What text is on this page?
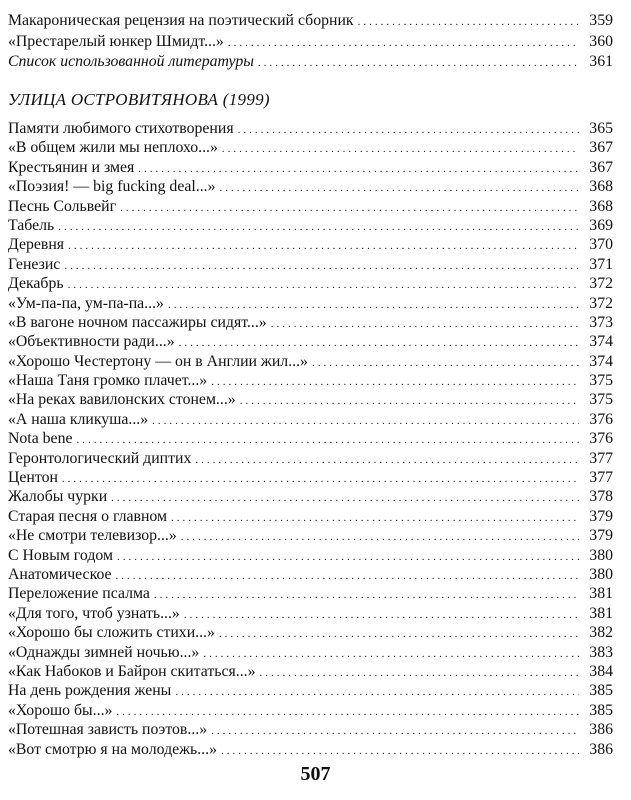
Макароническая рецензия на поэтический сборник .....	359
«Престарелый юнкер Шмидт...» .....	360
Список использованной литературы .....	361
УЛИЦА ОСТРОВИТЯНОВА (1999)
Памяти любимого стихотворения .....	365
«В общем жили мы неплохо...» .....	367
Крестьянин и змея .....	367
«Поэзия! — big fucking deal...» .....	368
Песнь Сольвейг .....	368
Табель .....	369
Деревня .....	370
Генезис .....	371
Декабрь .....	372
«Ум-па-па, ум-па-па...» .....	372
«В вагоне ночном пассажиры сидят...» .....	373
«Объективности ради...» .....	374
«Хорошо Честертону — он в Англии жил...» .....	374
«Наша Таня громко плачет...» .....	375
«На реках вавилонских стонем...» .....	375
«А наша кликуша...» .....	376
Nota bene .....	376
Геронтологический диптих .....	377
Центон .....	377
Жалобы чурки .....	378
Старая песня о главном .....	379
«Не смотри телевизор...» .....	379
С Новым годом .....	380
Анатомическое .....	380
Переложение псалма .....	381
«Для того, чтоб узнать...» .....	381
«Хорошо бы сложить стихи...» .....	382
«Однажды зимней ночью...» .....	383
«Как Набоков и Байрон скитаться...» .....	384
На день рождения жены .....	385
«Хорошо бы...» .....	385
«Потешная зависть поэтов...» .....	386
«Вот смотрю я на молодежь...» .....	386
507
